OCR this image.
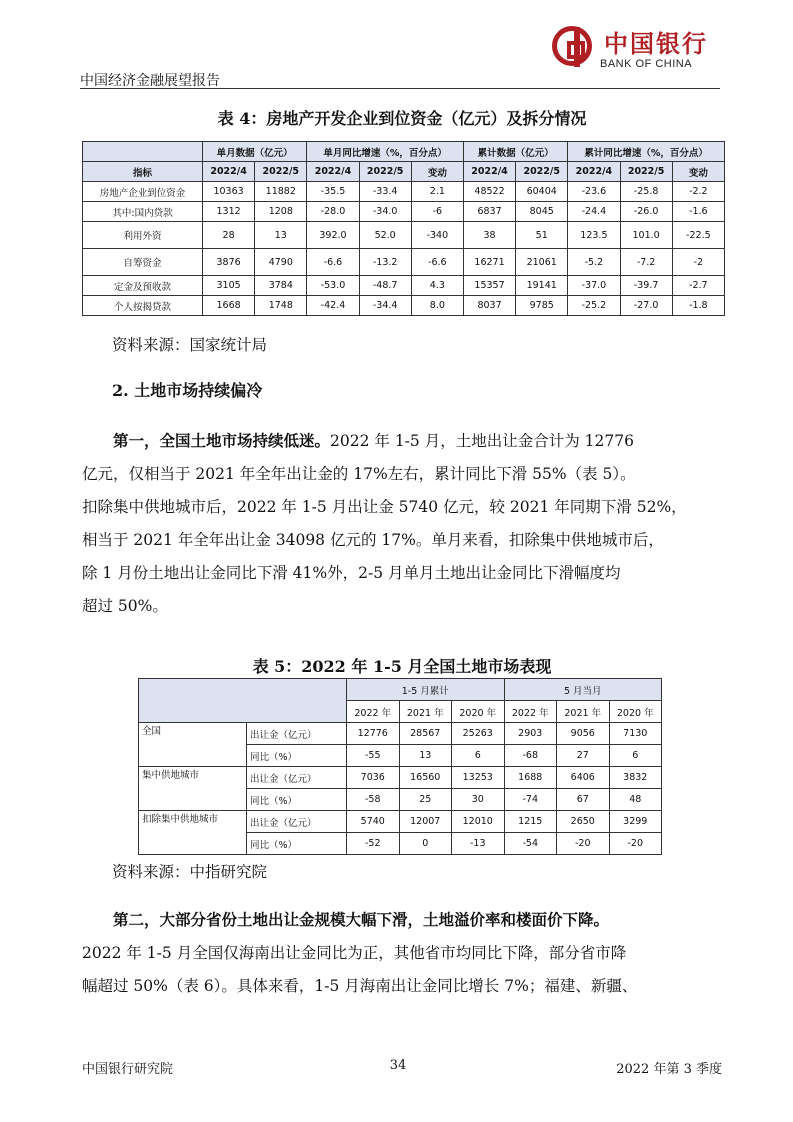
中国经济金融展望报告
中国银行
BANK OF CHINA
表 4：房地产开发企业到位资金（亿元）及拆分情况
	单月数据（亿元）		单月同比增速（%，百分点）			累计数据（亿元）		累计同比增速（%，百分点）		
指标	2022/4	2022/5	2022/4	2022/5	变动	2022/4	2022/5	2022/4	2022/5	变动
房地产企业到位资金	10363	11882	-35.5	-33.4	2.1	48522	60404	-23.6	-25.8	-2.2
其中:国内贷款	1312	1208	-28.0	-34.0	-6	6837	8045	-24.4	-26.0	-1.6
利用外资	28	13	392.0	52.0	-340	38	51	123.5	101.0	-22.5
自筹资金	3876	4790	-6.6	-13.2	-6.6	16271	21061	-5.2	-7.2	-2
定金及预收款	3105	3784	-53.0	-48.7	4.3	15357	19141	-37.0	-39.7	-2.7
个人按揭贷款	1668	1748	-42.4	-34.4	8.0	8037	9785	-25.2	-27.0	-1.8
资料来源：国家统计局
2. 土地市场持续偏冷

第一，全国土地市场持续低迷。2022 年 1-5 月，土地出让金合计为 12776

亿元，仅相当于 2021 年全年出让金的 17%左右，累计同比下滑 55%（表 5）。

扣除集中供地城市后，2022 年 1-5 月出让金 5740 亿元，较 2021 年同期下滑 52%，

相当于 2021 年全年出让金 34098 亿元的 17%。单月来看，扣除集中供地城市后，

除 1 月份土地出让金同比下滑 41%外，2-5 月单月土地出让金同比下滑幅度均

超过 50%。

表 5：2022 年 1-5 月全国土地市场表现
		1-5 月累计			5 月当月		
		2022 年	2021 年	2020 年	2022 年	2021 年	2020 年
全国	出让金（亿元）	12776	28567	25263	2903	9056	7130
	同比（%）	-55	13	6	-68	27	6
集中供地城市	出让金（亿元）	7036	16560	13253	1688	6406	3832
	同比（%）	-58	25	30	-74	67	48
扣除集中供地城市	出让金（亿元）	5740	12007	12010	1215	2650	3299
	同比（%）	-52	0	-13	-54	-20	-20
资料来源：中指研究院

第二，大部分省份土地出让金规模大幅下滑，土地溢价率和楼面价下降。

2022 年 1-5 月全国仅海南出让金同比为正，其他省市均同比下降，部分省市降

幅超过 50%（表 6）。具体来看，1-5 月海南出让金同比增长 7%；福建、新疆、

中国银行研究院	34	2022 年第 3 季度
